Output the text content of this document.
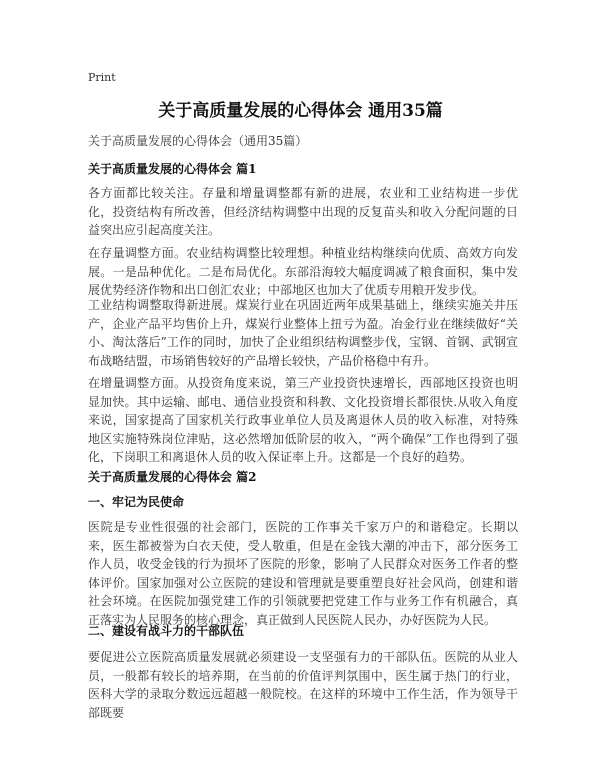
Print
关于高质量发展的心得体会 通用35篇
关于高质量发展的心得体会（通用35篇）
关于高质量发展的心得体会 篇1
各方面都比较关注。存量和增量调整都有新的进展，农业和工业结构进一步优化，投资结构有所改善，但经济结构调整中出现的反复苗头和收入分配问题的日益突出应引起高度关注。
在存量调整方面。农业结构调整比较理想。种植业结构继续向优质、高效方向发展。一是品种优化。二是布局优化。东部沿海较大幅度调减了粮食面积，集中发展优势经济作物和出口创汇农业；中部地区也加大了优质专用粮开发步伐。
工业结构调整取得新进展。煤炭行业在巩固近两年成果基础上，继续实施关井压产，企业产品平均售价上升，煤炭行业整体上扭亏为盈。冶金行业在继续做好“关小、淘汰落后”工作的同时，加快了企业组织结构调整步伐，宝钢、首钢、武钢宣布战略结盟，市场销售较好的产品增长较快，产品价格稳中有升。
在增量调整方面。从投资角度来说，第三产业投资快速增长，西部地区投资也明显加快。其中运输、邮电、通信业投资和科教、文化投资增长都很快.从收入角度来说，国家提高了国家机关行政事业单位人员及离退休人员的收入标准，对特殊地区实施特殊岗位津贴，这必然增加低阶层的收入，“两个确保”工作也得到了强化，下岗职工和离退休人员的收入保证率上升。这都是一个良好的趋势。
关于高质量发展的心得体会 篇2
一、牢记为民使命
医院是专业性很强的社会部门，医院的工作事关千家万户的和谐稳定。长期以来，医生都被誉为白衣天使，受人敬重，但是在金钱大潮的冲击下，部分医务工作人员，收受金钱的行为损坏了医院的形象，影响了人民群众对医务工作者的整体评价。国家加强对公立医院的建设和管理就是要重塑良好社会风尚，创建和谐社会环境。在医院加强党建工作的引领就要把党建工作与业务工作有机融合，真正落实为人民服务的核心理念，真正做到人民医院人民办，办好医院为人民。
二、建设有战斗力的干部队伍
要促进公立医院高质量发展就必须建设一支坚强有力的干部队伍。医院的从业人员，一般都有较长的培养期，在当前的价值评判氛围中，医生属于热门的行业，医科大学的录取分数远远超越一般院校。在这样的环境中工作生活，作为领导干部既要
